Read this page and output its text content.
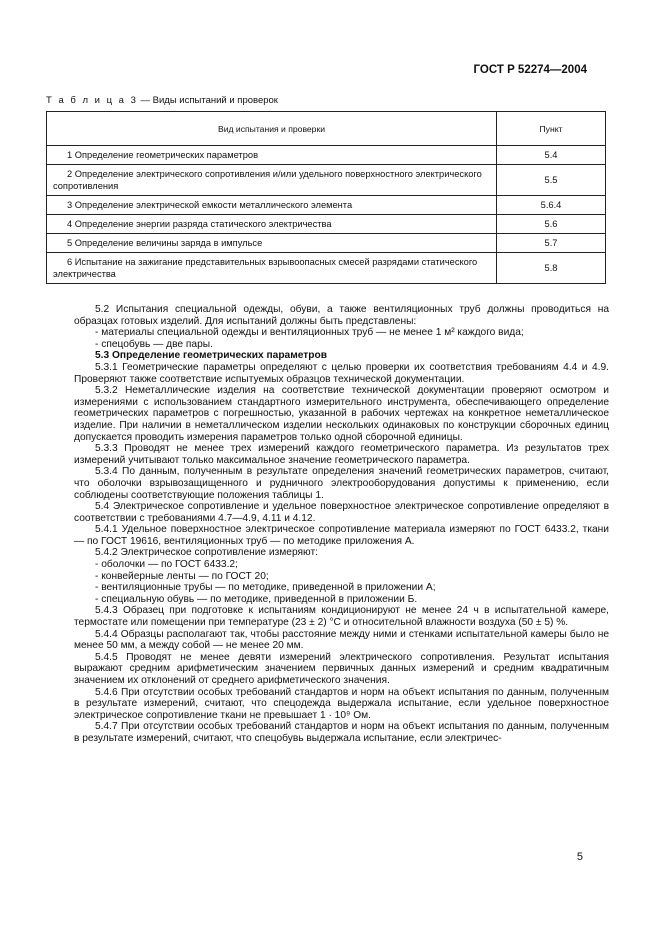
ГОСТ Р 52274—2004
Т а б л и ц а 3 — Виды испытаний и проверок
Вид испытания и проверки	Пункт

1 Определение геометрических параметров	5.4

2 Определение электрического сопротивления и/или удельного поверхностного электрического сопротивления	5.5

3 Определение электрической емкости металлического элемента	5.6.4

4 Определение энергии разряда статического электричества	5.6

5 Определение величины заряда в импульсе	5.7

6 Испытание на зажигание представительных взрывоопасных смесей разрядами статического электричества	5.8

5.2 Испытания специальной одежды, обуви, а также вентиляционных труб должны проводиться на образцах готовых изделий. Для испытаний должны быть представлены:

- материалы специальной одежды и вентиляционных труб — не менее 1 м² каждого вида;

- спецобувь — две пары.

5.3 Определение геометрических параметров

5.3.1 Геометрические параметры определяют с целью проверки их соответствия требованиям 4.4 и 4.9. Проверяют также соответствие испытуемых образцов технической документации.

5.3.2 Неметаллические изделия на соответствие технической документации проверяют осмотром и измерениями с использованием стандартного измерительного инструмента, обеспечивающего определение геометрических параметров с погрешностью, указанной в рабочих чертежах на конкретное неметаллическое изделие. При наличии в неметаллическом изделии нескольких одинаковых по конструкции сборочных единиц допускается проводить измерения параметров только одной сборочной единицы.

5.3.3 Проводят не менее трех измерений каждого геометрического параметра. Из результатов трех измерений учитывают только максимальное значение геометрического параметра.

5.3.4 По данным, полученным в результате определения значений геометрических параметров, считают, что оболочки взрывозащищенного и рудничного электрооборудования допустимы к применению, если соблюдены соответствующие положения таблицы 1.

5.4 Электрическое сопротивление и удельное поверхностное электрическое сопротивление определяют в соответствии с требованиями 4.7—4.9, 4.11 и 4.12.

5.4.1 Удельное поверхностное электрическое сопротивление материала измеряют по ГОСТ 6433.2, ткани — по ГОСТ 19616, вентиляционных труб — по методике приложения А.

5.4.2 Электрическое сопротивление измеряют:

- оболочки — по ГОСТ 6433.2;

- конвейерные ленты — по ГОСТ 20;

- вентиляционные трубы — по методике, приведенной в приложении А;

- специальную обувь — по методике, приведенной в приложении Б.

5.4.3 Образец при подготовке к испытаниям кондиционируют не менее 24 ч в испытательной камере, термостате или помещении при температуре (23 ± 2) °С и относительной влажности воздуха (50 ± 5) %.

5.4.4 Образцы располагают так, чтобы расстояние между ними и стенками испытательной камеры было не менее 50 мм, а между собой — не менее 20 мм.

5.4.5 Проводят не менее девяти измерений электрического сопротивления. Результат испытания выражают средним арифметическим значением первичных данных измерений и средним квадратичным значением их отклонений от среднего арифметического значения.

5.4.6 При отсутствии особых требований стандартов и норм на объект испытания по данным, полученным в результате измерений, считают, что спецодежда выдержала испытание, если удельное поверхностное электрическое сопротивление ткани не превышает 1 · 10⁹ Ом.

5.4.7 При отсутствии особых требований стандартов и норм на объект испытания по данным, полученным в результате измерений, считают, что спецобувь выдержала испытание, если электричес-

5
